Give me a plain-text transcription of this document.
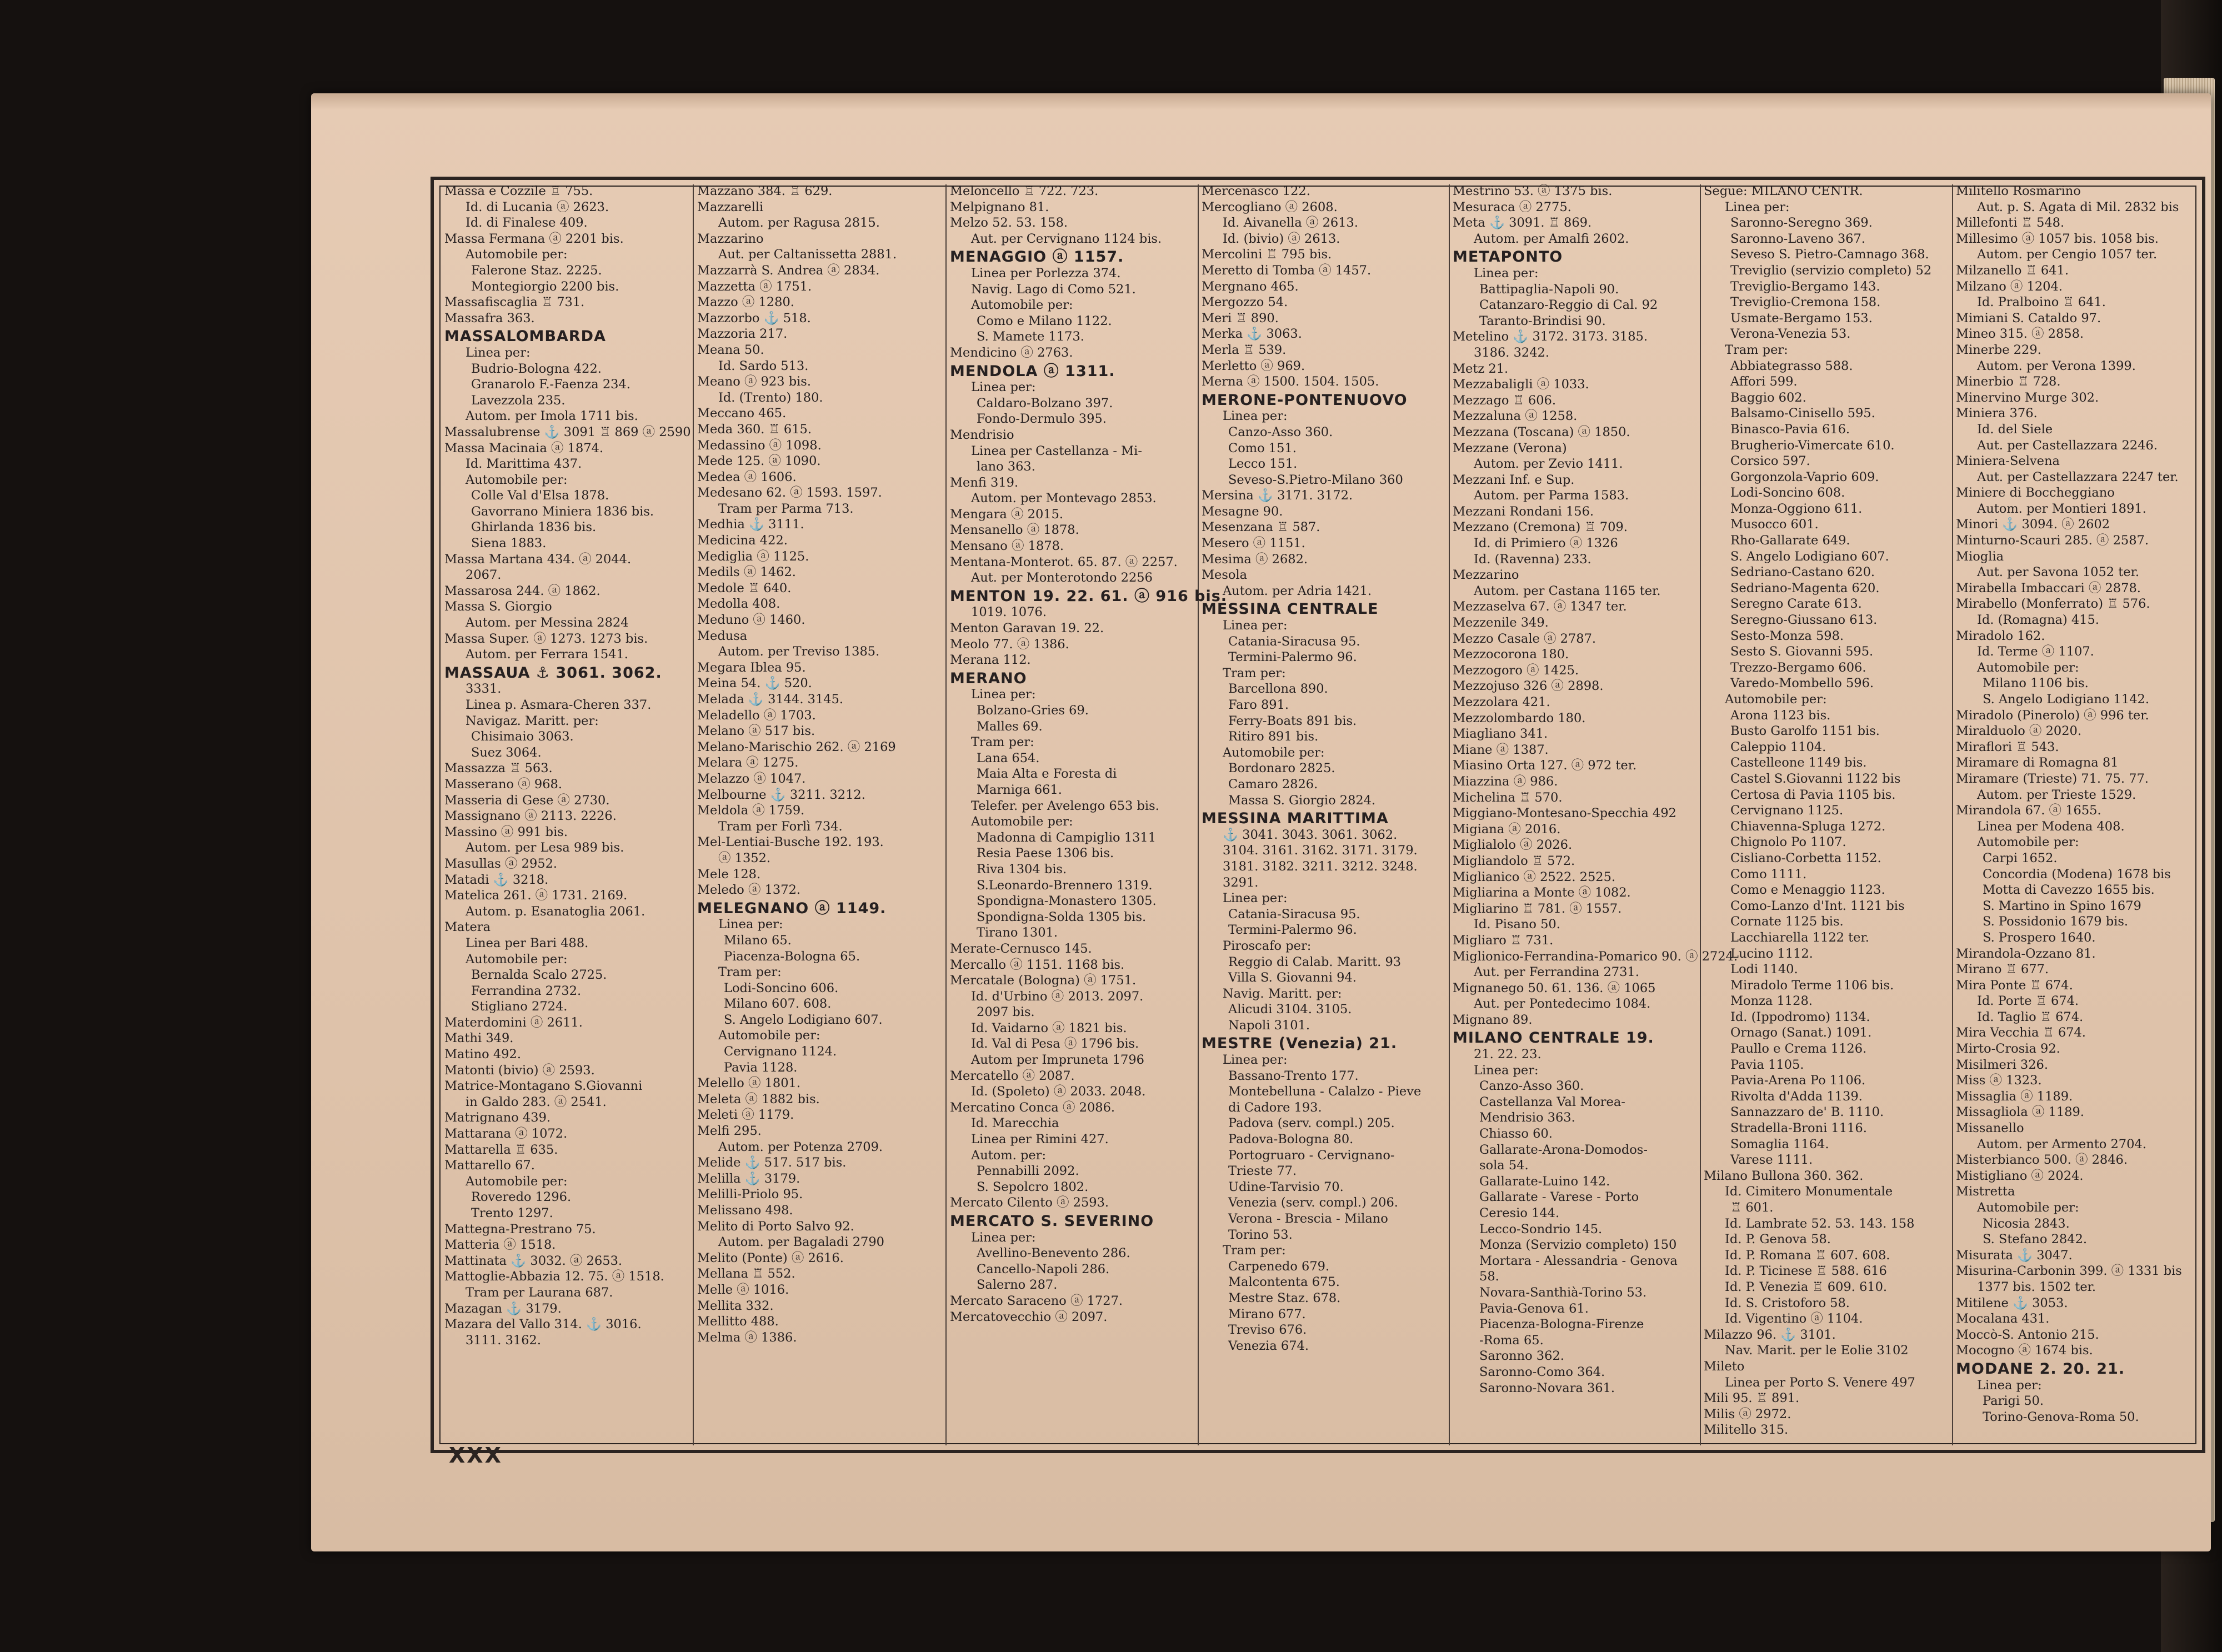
Massa e Cozzile ♖ 755.
Id. di Lucania ⓐ 2623.
Id. di Finalese 409.
Massa Fermana ⓐ 2201 bis.
Automobile per:
Falerone Staz. 2225.
Montegiorgio 2200 bis.
Massafiscaglia ♖ 731.
Massafra 363.
MASSALOMBARDA
Linea per:
Budrio-Bologna 422.
Granarolo F.-Faenza 234.
Lavezzola 235.
Autom. per Imola 1711 bis.
Massalubrense ⚓ 3091 ♖ 869 ⓐ 2590
Massa Macinaia ⓐ 1874.
Id. Marittima 437.
Automobile per:
Colle Val d'Elsa 1878.
Gavorrano Miniera 1836 bis.
Ghirlanda 1836 bis.
Siena 1883.
Massa Martana 434. ⓐ 2044.
2067.
Massarosa 244. ⓐ 1862.
Massa S. Giorgio
Autom. per Messina 2824
Massa Super. ⓐ 1273. 1273 bis.
Autom. per Ferrara 1541.
MASSAUA ⚓ 3061. 3062.
3331.
Linea p. Asmara-Cheren 337.
Navigaz. Maritt. per:
Chisimaio 3063.
Suez 3064.
Massazza ♖ 563.
Masserano ⓐ 968.
Masseria di Gese ⓐ 2730.
Massignano ⓐ 2113. 2226.
Massino ⓐ 991 bis.
Autom. per Lesa 989 bis.
Masullas ⓐ 2952.
Matadi ⚓ 3218.
Matelica 261. ⓐ 1731. 2169.
Autom. p. Esanatoglia 2061.
Matera
Linea per Bari 488.
Automobile per:
Bernalda Scalo 2725.
Ferrandina 2732.
Stigliano 2724.
Materdomini ⓐ 2611.
Mathi 349.
Matino 492.
Matonti (bivio) ⓐ 2593.
Matrice-Montagano S.Giovanni
in Galdo 283. ⓐ 2541.
Matrignano 439.
Mattarana ⓐ 1072.
Mattarella ♖ 635.
Mattarello 67.
Automobile per:
Roveredo 1296.
Trento 1297.
Mattegna-Prestrano 75.
Matteria ⓐ 1518.
Mattinata ⚓ 3032. ⓐ 2653.
Mattoglie-Abbazia 12. 75. ⓐ 1518.
Tram per Laurana 687.
Mazagan ⚓ 3179.
Mazara del Vallo 314. ⚓ 3016.
3111. 3162.
Mazzano 384. ♖ 629.
Mazzarelli
Autom. per Ragusa 2815.
Mazzarino
Aut. per Caltanissetta 2881.
Mazzarrà S. Andrea ⓐ 2834.
Mazzetta ⓐ 1751.
Mazzo ⓐ 1280.
Mazzorbo ⚓ 518.
Mazzoria 217.
Meana 50.
Id. Sardo 513.
Meano ⓐ 923 bis.
Id. (Trento) 180.
Meccano 465.
Meda 360. ♖ 615.
Medassino ⓐ 1098.
Mede 125. ⓐ 1090.
Medea ⓐ 1606.
Medesano 62. ⓐ 1593. 1597.
Tram per Parma 713.
Medhia ⚓ 3111.
Medicina 422.
Mediglia ⓐ 1125.
Medils ⓐ 1462.
Medole ♖ 640.
Medolla 408.
Meduno ⓐ 1460.
Medusa
Autom. per Treviso 1385.
Megara Iblea 95.
Meina 54. ⚓ 520.
Melada ⚓ 3144. 3145.
Meladello ⓐ 1703.
Melano ⓐ 517 bis.
Melano-Marischio 262. ⓐ 2169
Melara ⓐ 1275.
Melazzo ⓐ 1047.
Melbourne ⚓ 3211. 3212.
Meldola ⓐ 1759.
Tram per Forlì 734.
Mel-Lentiai-Busche 192. 193.
ⓐ 1352.
Mele 128.
Meledo ⓐ 1372.
MELEGNANO ⓐ 1149.
Linea per:
Milano 65.
Piacenza-Bologna 65.
Tram per:
Lodi-Soncino 606.
Milano 607. 608.
S. Angelo Lodigiano 607.
Automobile per:
Cervignano 1124.
Pavia 1128.
Melello ⓐ 1801.
Meleta ⓐ 1882 bis.
Meleti ⓐ 1179.
Melfi 295.
Autom. per Potenza 2709.
Melide ⚓ 517. 517 bis.
Melilla ⚓ 3179.
Melilli-Priolo 95.
Melissano 498.
Melito di Porto Salvo 92.
Autom. per Bagaladi 2790
Melito (Ponte) ⓐ 2616.
Mellana ♖ 552.
Melle ⓐ 1016.
Mellita 332.
Mellitto 488.
Melma ⓐ 1386.
Meloncello ♖ 722. 723.
Melpignano 81.
Melzo 52. 53. 158.
Aut. per Cervignano 1124 bis.
MENAGGIO ⓐ 1157.
Linea per Porlezza 374.
Navig. Lago di Como 521.
Automobile per:
Como e Milano 1122.
S. Mamete 1173.
Mendicino ⓐ 2763.
MENDOLA ⓐ 1311.
Linea per:
Caldaro-Bolzano 397.
Fondo-Dermulo 395.
Mendrisio
Linea per Castellanza - Mi-
lano 363.
Menfi 319.
Autom. per Montevago 2853.
Mengara ⓐ 2015.
Mensanello ⓐ 1878.
Mensano ⓐ 1878.
Mentana-Monterot. 65. 87. ⓐ 2257.
Aut. per Monterotondo 2256
MENTON 19. 22. 61. ⓐ 916 bis.
1019. 1076.
Menton Garavan 19. 22.
Meolo 77. ⓐ 1386.
Merana 112.
MERANO
Linea per:
Bolzano-Gries 69.
Malles 69.
Tram per:
Lana 654.
Maia Alta e Foresta di
Marniga 661.
Telefer. per Avelengo 653 bis.
Automobile per:
Madonna di Campiglio 1311
Resia Paese 1306 bis.
Riva 1304 bis.
S.Leonardo-Brennero 1319.
Spondigna-Monastero 1305.
Spondigna-Solda 1305 bis.
Tirano 1301.
Merate-Cernusco 145.
Mercallo ⓐ 1151. 1168 bis.
Mercatale (Bologna) ⓐ 1751.
Id. d'Urbino ⓐ 2013. 2097.
2097 bis.
Id. Vaidarno ⓐ 1821 bis.
Id. Val di Pesa ⓐ 1796 bis.
Autom per Impruneta 1796
Mercatello ⓐ 2087.
Id. (Spoleto) ⓐ 2033. 2048.
Mercatino Conca ⓐ 2086.
Id. Marecchia
Linea per Rimini 427.
Autom. per:
Pennabilli 2092.
S. Sepolcro 1802.
Mercato Cilento ⓐ 2593.
MERCATO S. SEVERINO
Linea per:
Avellino-Benevento 286.
Cancello-Napoli 286.
Salerno 287.
Mercato Saraceno ⓐ 1727.
Mercatovecchio ⓐ 2097.
Mercenasco 122.
Mercogliano ⓐ 2608.
Id. Aivanella ⓐ 2613.
Id. (bivio) ⓐ 2613.
Mercolini ♖ 795 bis.
Meretto di Tomba ⓐ 1457.
Mergnano 465.
Mergozzo 54.
Meri ♖ 890.
Merka ⚓ 3063.
Merla ♖ 539.
Merletto ⓐ 969.
Merna ⓐ 1500. 1504. 1505.
MERONE-PONTENUOVO
Linea per:
Canzo-Asso 360.
Como 151.
Lecco 151.
Seveso-S.Pietro-Milano 360
Mersina ⚓ 3171. 3172.
Mesagne 90.
Mesenzana ♖ 587.
Mesero ⓐ 1151.
Mesima ⓐ 2682.
Mesola
Autom. per Adria 1421.
MESSINA CENTRALE
Linea per:
Catania-Siracusa 95.
Termini-Palermo 96.
Tram per:
Barcellona 890.
Faro 891.
Ferry-Boats 891 bis.
Ritiro 891 bis.
Automobile per:
Bordonaro 2825.
Camaro 2826.
Massa S. Giorgio 2824.
MESSINA MARITTIMA
⚓ 3041. 3043. 3061. 3062.
3104. 3161. 3162. 3171. 3179.
3181. 3182. 3211. 3212. 3248.
3291.
Linea per:
Catania-Siracusa 95.
Termini-Palermo 96.
Piroscafo per:
Reggio di Calab. Maritt. 93
Villa S. Giovanni 94.
Navig. Maritt. per:
Alicudi 3104. 3105.
Napoli 3101.
MESTRE (Venezia) 21.
Linea per:
Bassano-Trento 177.
Montebelluna - Calalzo - Pieve
di Cadore 193.
Padova (serv. compl.) 205.
Padova-Bologna 80.
Portogruaro - Cervignano-
Trieste 77.
Udine-Tarvisio 70.
Venezia (serv. compl.) 206.
Verona - Brescia - Milano
Torino 53.
Tram per:
Carpenedo 679.
Malcontenta 675.
Mestre Staz. 678.
Mirano 677.
Treviso 676.
Venezia 674.
Mestrino 53. ⓐ 1375 bis.
Mesuraca ⓐ 2775.
Meta ⚓ 3091. ♖ 869.
Autom. per Amalfi 2602.
METAPONTO
Linea per:
Battipaglia-Napoli 90.
Catanzaro-Reggio di Cal. 92
Taranto-Brindisi 90.
Metelino ⚓ 3172. 3173. 3185.
3186. 3242.
Metz 21.
Mezzabaligli ⓐ 1033.
Mezzago ♖ 606.
Mezzaluna ⓐ 1258.
Mezzana (Toscana) ⓐ 1850.
Mezzane (Verona)
Autom. per Zevio 1411.
Mezzani Inf. e Sup.
Autom. per Parma 1583.
Mezzani Rondani 156.
Mezzano (Cremona) ♖ 709.
Id. di Primiero ⓐ 1326
Id. (Ravenna) 233.
Mezzarino
Autom. per Castana 1165 ter.
Mezzaselva 67. ⓐ 1347 ter.
Mezzenile 349.
Mezzo Casale ⓐ 2787.
Mezzocorona 180.
Mezzogoro ⓐ 1425.
Mezzojuso 326 ⓐ 2898.
Mezzolara 421.
Mezzolombardo 180.
Miagliano 341.
Miane ⓐ 1387.
Miasino Orta 127. ⓐ 972 ter.
Miazzina ⓐ 986.
Michelina ♖ 570.
Miggiano-Montesano-Specchia 492
Migiana ⓐ 2016.
Miglialolo ⓐ 2026.
Migliandolo ♖ 572.
Miglianico ⓐ 2522. 2525.
Migliarina a Monte ⓐ 1082.
Migliarino ♖ 781. ⓐ 1557.
Id. Pisano 50.
Migliaro ♖ 731.
Miglionico-Ferrandina-Pomarico 90. ⓐ 2724.
Aut. per Ferrandina 2731.
Mignanego 50. 61. 136. ⓐ 1065
Aut. per Pontedecimo 1084.
Mignano 89.
MILANO CENTRALE 19.
21. 22. 23.
Linea per:
Canzo-Asso 360.
Castellanza Val Morea-
Mendrisio 363.
Chiasso 60.
Gallarate-Arona-Domodos-
sola 54.
Gallarate-Luino 142.
Gallarate - Varese - Porto
Ceresio 144.
Lecco-Sondrio 145.
Monza (Servizio completo) 150
Mortara - Alessandria - Genova
58.
Novara-Santhià-Torino 53.
Pavia-Genova 61.
Piacenza-Bologna-Firenze
-Roma 65.
Saronno 362.
Saronno-Como 364.
Saronno-Novara 361.
Segue: MILANO CENTR.
Linea per:
Saronno-Seregno 369.
Saronno-Laveno 367.
Seveso S. Pietro-Camnago 368.
Treviglio (servizio completo) 52
Treviglio-Bergamo 143.
Treviglio-Cremona 158.
Usmate-Bergamo 153.
Verona-Venezia 53.
Tram per:
Abbiategrasso 588.
Affori 599.
Baggio 602.
Balsamo-Cinisello 595.
Binasco-Pavia 616.
Brugherio-Vimercate 610.
Corsico 597.
Gorgonzola-Vaprio 609.
Lodi-Soncino 608.
Monza-Oggiono 611.
Musocco 601.
Rho-Gallarate 649.
S. Angelo Lodigiano 607.
Sedriano-Castano 620.
Sedriano-Magenta 620.
Seregno Carate 613.
Seregno-Giussano 613.
Sesto-Monza 598.
Sesto S. Giovanni 595.
Trezzo-Bergamo 606.
Varedo-Mombello 596.
Automobile per:
Arona 1123 bis.
Busto Garolfo 1151 bis.
Caleppio 1104.
Castelleone 1149 bis.
Castel S.Giovanni 1122 bis
Certosa di Pavia 1105 bis.
Cervignano 1125.
Chiavenna-Spluga 1272.
Chignolo Po 1107.
Cisliano-Corbetta 1152.
Como 1111.
Como e Menaggio 1123.
Como-Lanzo d'Int. 1121 bis
Cornate 1125 bis.
Lacchiarella 1122 ter.
Lucino 1112.
Lodi 1140.
Miradolo Terme 1106 bis.
Monza 1128.
Id. (Ippodromo) 1134.
Ornago (Sanat.) 1091.
Paullo e Crema 1126.
Pavia 1105.
Pavia-Arena Po 1106.
Rivolta d'Adda 1139.
Sannazzaro de' B. 1110.
Stradella-Broni 1116.
Somaglia 1164.
Varese 1111.
Milano Bullona 360. 362.
Id. Cimitero Monumentale
♖ 601.
Id. Lambrate 52. 53. 143. 158
Id. P. Genova 58.
Id. P. Romana ♖ 607. 608.
Id. P. Ticinese ♖ 588. 616
Id. P. Venezia ♖ 609. 610.
Id. S. Cristoforo 58.
Id. Vigentino ⓐ 1104.
Milazzo 96. ⚓ 3101.
Nav. Marit. per le Eolie 3102
Mileto
Linea per Porto S. Venere 497
Mili 95. ♖ 891.
Milis ⓐ 2972.
Militello 315.
Militello Rosmarino
Aut. p. S. Agata di Mil. 2832 bis
Millefonti ♖ 548.
Millesimo ⓐ 1057 bis. 1058 bis.
Autom. per Cengio 1057 ter.
Milzanello ♖ 641.
Milzano ⓐ 1204.
Id. Pralboino ♖ 641.
Mimiani S. Cataldo 97.
Mineo 315. ⓐ 2858.
Minerbe 229.
Autom. per Verona 1399.
Minerbio ♖ 728.
Minervino Murge 302.
Miniera 376.
Id. del Siele
Aut. per Castellazzara 2246.
Miniera-Selvena
Aut. per Castellazzara 2247 ter.
Miniere di Boccheggiano
Autom. per Montieri 1891.
Minori ⚓ 3094. ⓐ 2602
Minturno-Scauri 285. ⓐ 2587.
Mioglia
Aut. per Savona 1052 ter.
Mirabella Imbaccari ⓐ 2878.
Mirabello (Monferrato) ♖ 576.
Id. (Romagna) 415.
Miradolo 162.
Id. Terme ⓐ 1107.
Automobile per:
Milano 1106 bis.
S. Angelo Lodigiano 1142.
Miradolo (Pinerolo) ⓐ 996 ter.
Miralduolo ⓐ 2020.
Miraflori ♖ 543.
Miramare di Romagna 81
Miramare (Trieste) 71. 75. 77.
Autom. per Trieste 1529.
Mirandola 67. ⓐ 1655.
Linea per Modena 408.
Automobile per:
Carpi 1652.
Concordia (Modena) 1678 bis
Motta di Cavezzo 1655 bis.
S. Martino in Spino 1679
S. Possidonio 1679 bis.
S. Prospero 1640.
Mirandola-Ozzano 81.
Mirano ♖ 677.
Mira Ponte ♖ 674.
Id. Porte ♖ 674.
Id. Taglio ♖ 674.
Mira Vecchia ♖ 674.
Mirto-Crosia 92.
Misilmeri 326.
Miss ⓐ 1323.
Missaglia ⓐ 1189.
Missagliola ⓐ 1189.
Missanello
Autom. per Armento 2704.
Misterbianco 500. ⓐ 2846.
Mistigliano ⓐ 2024.
Mistretta
Automobile per:
Nicosia 2843.
S. Stefano 2842.
Misurata ⚓ 3047.
Misurina-Carbonin 399. ⓐ 1331 bis
1377 bis. 1502 ter.
Mitilene ⚓ 3053.
Mocalana 431.
Moccò-S. Antonio 215.
Mocogno ⓐ 1674 bis.
MODANE 2. 20. 21.
Linea per:
Parigi 50.
Torino-Genova-Roma 50.
XXX
